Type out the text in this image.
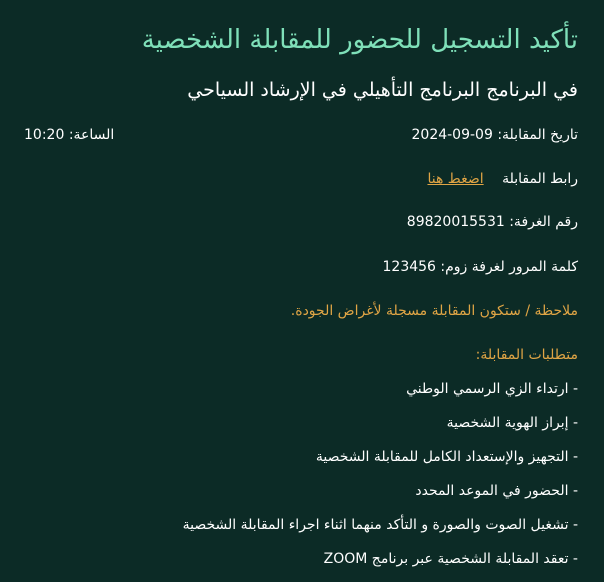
تأكيد التسجيل للحضور للمقابلة الشخصية
في البرنامج البرنامج التأهيلي في الإرشاد السياحي
تاريخ المقابلة: 2024-09-09
الساعة: 10:20
رابط المقابلة اضغط هنا
رقم الغرفة: 89820015531
كلمة المرور لغرفة زوم: 123456
ملاحظة / ستكون المقابلة مسجلة لأغراض الجودة.
متطلبات المقابلة:
- ارتداء الزي الرسمي الوطني
- إبراز الهوية الشخصية
- التجهيز والإستعداد الكامل للمقابلة الشخصية
- الحضور في الموعد المحدد
- تشغيل الصوت والصورة و التأكد منهما اثناء اجراء المقابلة الشخصية
- تعقد المقابلة الشخصية عبر برنامج ZOOM
